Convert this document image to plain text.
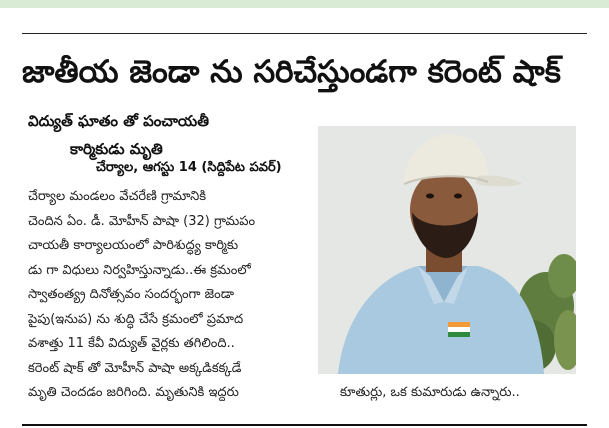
జాతీయ జెండా ను సరిచేస్తుండగా కరెంట్ షాక్
విద్యుత్ ఘాతం తో పంచాయతీ
కార్మికుడు మృతి
చేర్యాల, ఆగస్టు 14 (సిద్దిపేట పవర్)

చేర్యాల మండలం వేచరేణి గ్రామానికి

చెందిన ఏం. డీ. మోహీన్ పాషా (32) గ్రామపం

చాయతీ కార్యాలయంలో పారిశుద్ధ్య కార్మికు

డు గా విధులు నిర్వహిస్తున్నాడు..ఈ క్రమంలో

స్వాతంత్య్ర దినోత్సవం సందర్భంగా జెండా

పైపు(ఇనుప) ను శుద్ధి చేసే క్రమంలో ప్రమాద

వశాత్తు 11 కేవీ విద్యుత్ వైర్లకు తగిలింది..

కరెంట్ షాక్ తో మోహీన్ పాషా అక్కడికక్కడే

మృతి చెందడం జరిగింది. మృతునికి ఇద్దరు	కూతుర్లు, ఒక కుమారుడు ఉన్నారు..
